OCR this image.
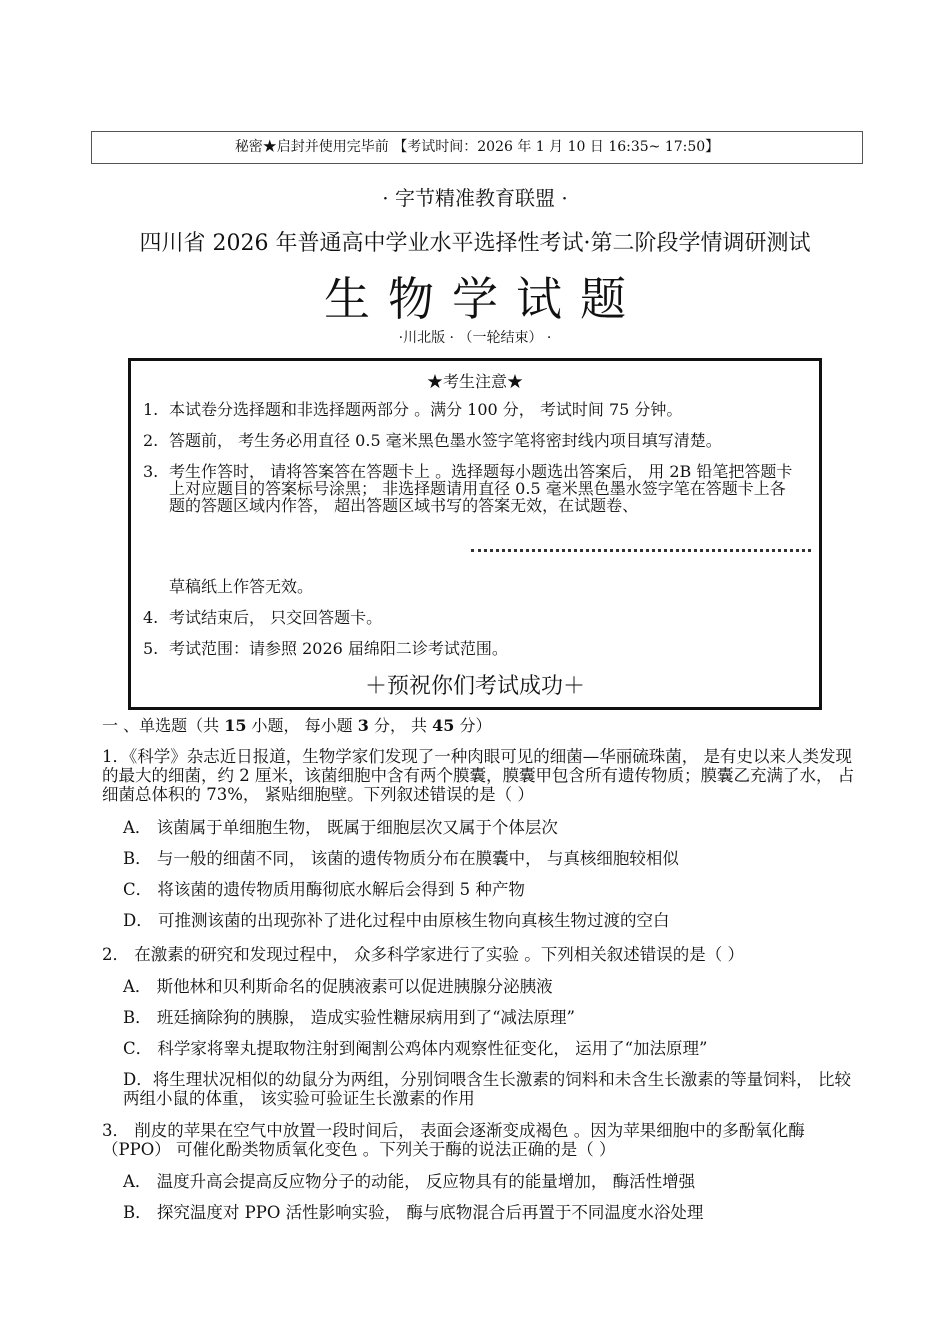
秘密★启封并使用完毕前 【考试时间：2026 年 1 月 10 日 16:35~ 17:50】
· 字节精准教育联盟 ·
四川省 2026 年普通高中学业水平选择性考试·第二阶段学情调研测试
生物学试题
·川北版 · （一轮结束） ·
★考生注意★
1. 本试卷分选择题和非选择题两部分 。满分 100 分， 考试时间 75 分钟。
2. 答题前， 考生务必用直径 0.5 毫米黑色墨水签字笔将密封线内项目填写清楚。
3. 考生作答时， 请将答案答在答题卡上 。选择题每小题选出答案后， 用 2B 铅笔把答题卡上对应题目的答案标号涂黑； 非选择题请用直径 0.5 毫米黑色墨水签字笔在答题卡上各题的答题区域内作答， 超出答题区域书写的答案无效，在试题卷、
草稿纸上作答无效。
4. 考试结束后， 只交回答题卡。
5. 考试范围：请参照 2026 届绵阳二诊考试范围。
＋预祝你们考试成功＋
一 、单选题（共 15 小题， 每小题 3 分， 共 45 分）
1．《科学》杂志近日报道，生物学家们发现了一种肉眼可见的细菌—华丽硫珠菌， 是有史以来人类发现的最大的细菌，约 2 厘米，该菌细胞中含有两个膜囊，膜囊甲包含所有遗传物质；膜囊乙充满了水， 占细菌总体积的 73%， 紧贴细胞壁。下列叙述错误的是（ ）
A． 该菌属于单细胞生物， 既属于细胞层次又属于个体层次
B． 与一般的细菌不同， 该菌的遗传物质分布在膜囊中， 与真核细胞较相似
C． 将该菌的遗传物质用酶彻底水解后会得到 5 种产物
D． 可推测该菌的出现弥补了进化过程中由原核生物向真核生物过渡的空白
2． 在激素的研究和发现过程中， 众多科学家进行了实验 。下列相关叙述错误的是（ ）
A． 斯他林和贝利斯命名的促胰液素可以促进胰腺分泌胰液
B． 班廷摘除狗的胰腺， 造成实验性糖尿病用到了“减法原理”
C． 科学家将睾丸提取物注射到阉割公鸡体内观察性征变化， 运用了“加法原理”
D．将生理状况相似的幼鼠分为两组，分别饲喂含生长激素的饲料和未含生长激素的等量饲料， 比较两组小鼠的体重， 该实验可验证生长激素的作用
3． 削皮的苹果在空气中放置一段时间后， 表面会逐渐变成褐色 。因为苹果细胞中的多酚氧化酶（PPO） 可催化酚类物质氧化变色 。下列关于酶的说法正确的是（ ）
A． 温度升高会提高反应物分子的动能， 反应物具有的能量增加， 酶活性增强
B． 探究温度对 PPO 活性影响实验， 酶与底物混合后再置于不同温度水浴处理
